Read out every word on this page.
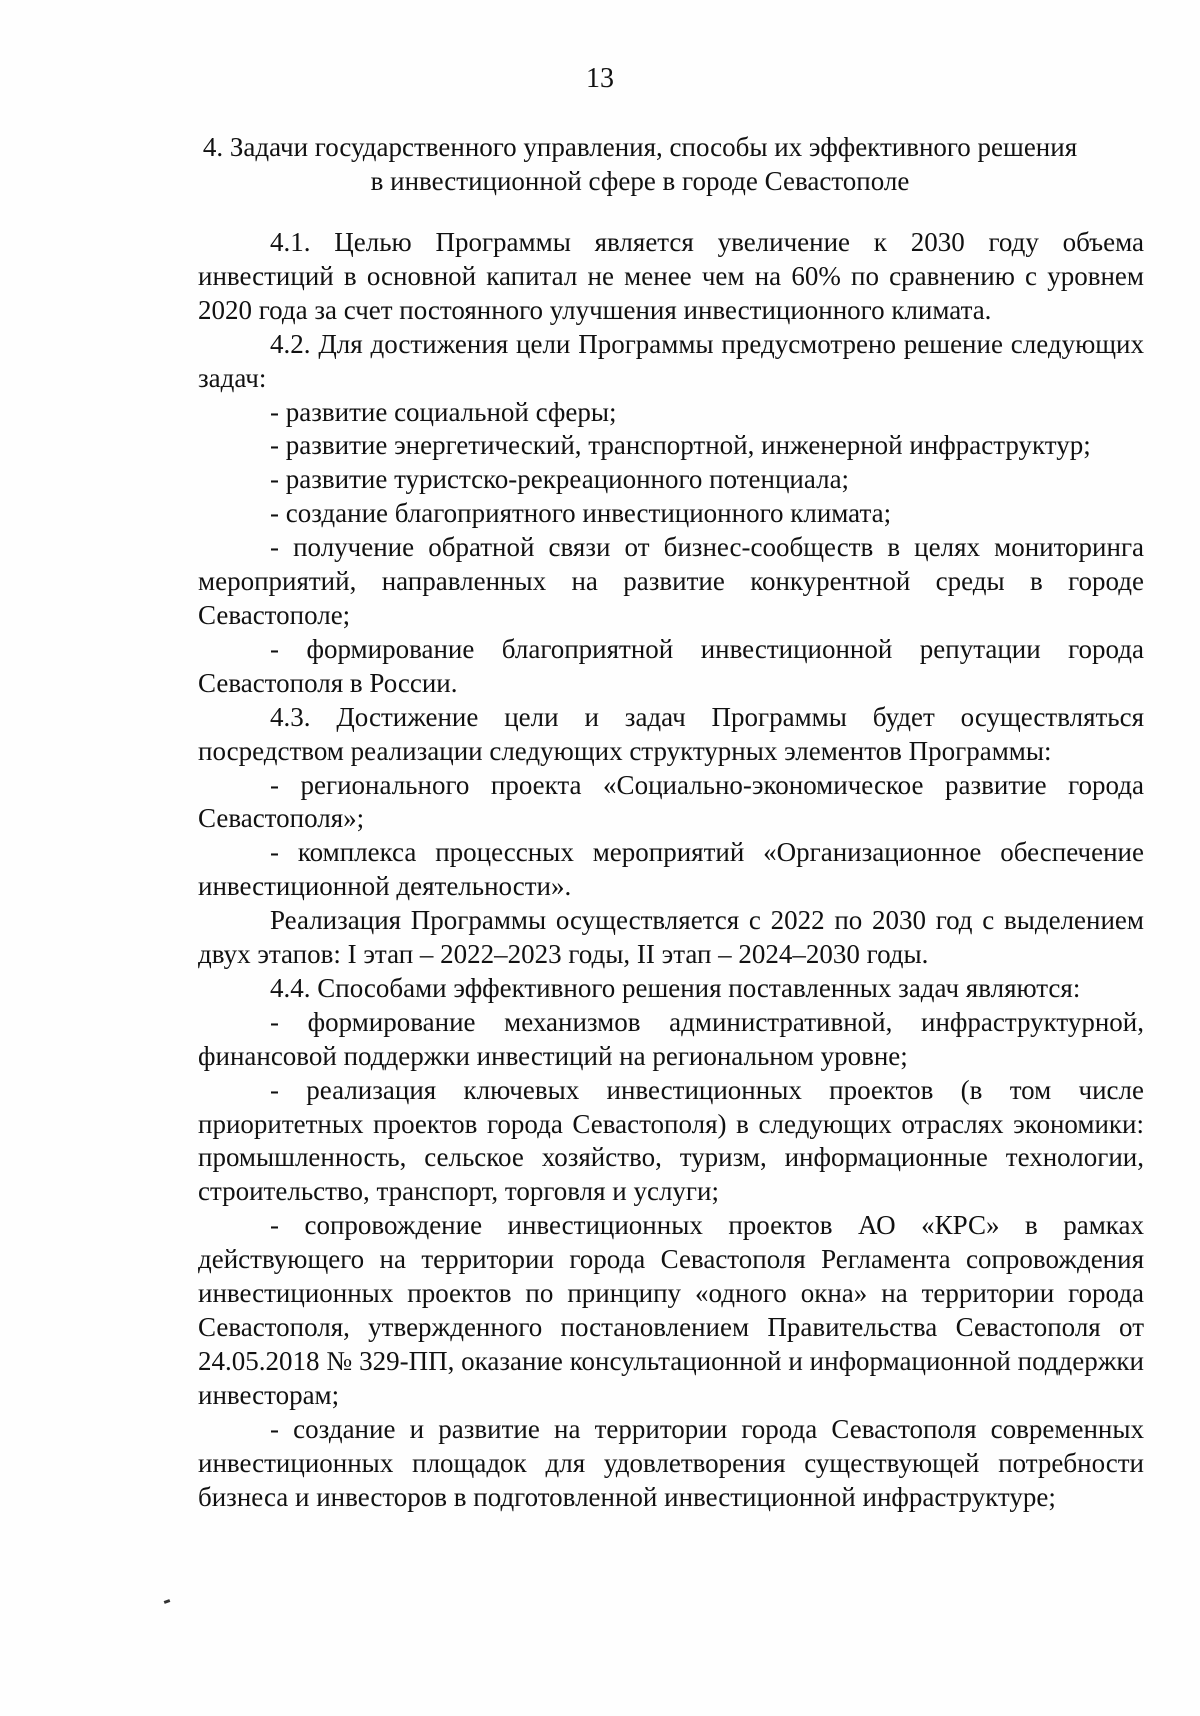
13
4. Задачи государственного управления, способы их эффективного решения
в инвестиционной сфере в городе Севастополе

4.1. Целью Программы является увеличение к 2030 году объема инвестиций в основной капитал не менее чем на 60% по сравнению с уровнем 2020 года за счет постоянного улучшения инвестиционного климата.

4.2. Для достижения цели Программы предусмотрено решение следующих задач:

- развитие социальной сферы;

- развитие энергетический, транспортной, инженерной инфраструктур;

- развитие туристско-рекреационного потенциала;

- создание благоприятного инвестиционного климата;

- получение обратной связи от бизнес-сообществ в целях мониторинга мероприятий, направленных на развитие конкурентной среды в городе Севастополе;

- формирование благоприятной инвестиционной репутации города Севастополя в России.

4.3. Достижение цели и задач Программы будет осуществляться посредством реализации следующих структурных элементов Программы:

- регионального проекта «Социально-экономическое развитие города Севастополя»;

- комплекса процессных мероприятий «Организационное обеспечение инвестиционной деятельности».

Реализация Программы осуществляется с 2022 по 2030 год с выделением двух этапов: I этап – 2022–2023 годы, II этап – 2024–2030 годы.

4.4. Способами эффективного решения поставленных задач являются:

- формирование механизмов административной, инфраструктурной, финансовой поддержки инвестиций на региональном уровне;

- реализация ключевых инвестиционных проектов (в том числе приоритетных проектов города Севастополя) в следующих отраслях экономики: промышленность, сельское хозяйство, туризм, информационные технологии, строительство, транспорт, торговля и услуги;

- сопровождение инвестиционных проектов АО «КРС» в рамках действующего на территории города Севастополя Регламента сопровождения инвестиционных проектов по принципу «одного окна» на территории города Севастополя, утвержденного постановлением Правительства Севастополя от 24.05.2018 № 329-ПП, оказание консультационной и информационной поддержки инвесторам;

- создание и развитие на территории города Севастополя современных инвестиционных площадок для удовлетворения существующей потребности бизнеса и инвесторов в подготовленной инвестиционной инфраструктуре;
